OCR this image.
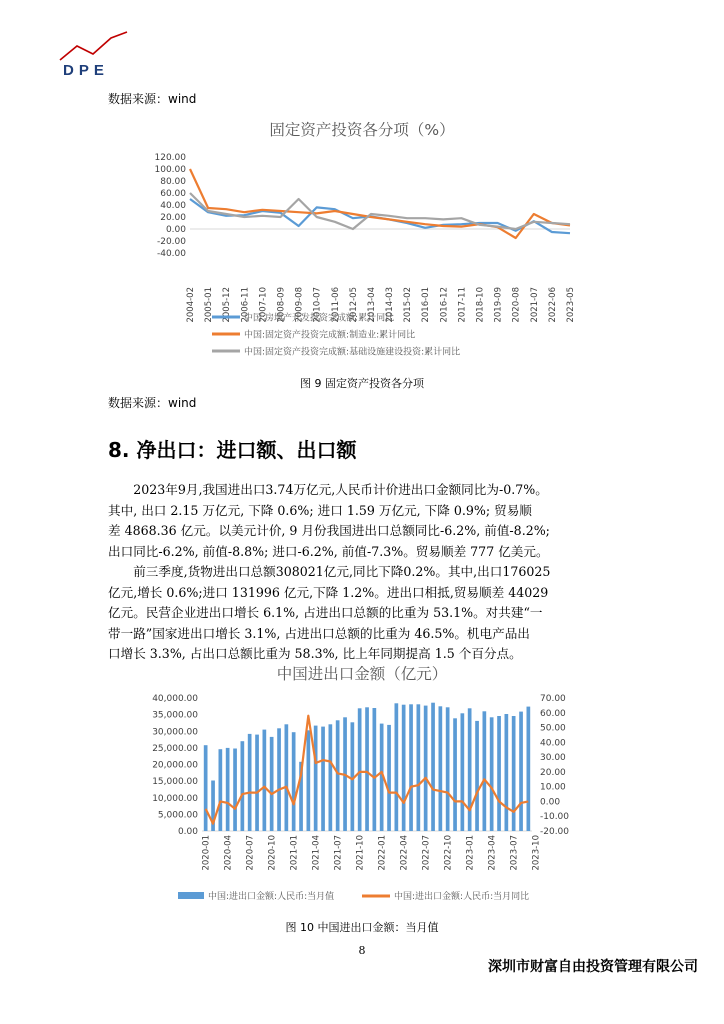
DPE
数据来源：wind
固定资产投资各分项（%）
120.00
100.00
80.00
60.00
40.00
20.00
0.00
-20.00
-40.00
2004-02 2005-01 2005-12 2006-11 2007-10 2008-09 2009-08 2010-07 2011-06 2012-05 2013-04 2014-03 2015-02 2016-01 2016-12 2017-11 2018-10 2019-09 2020-08 2021-07 2022-06 2023-05
中国:房地产开发投资完成额:累计同比
中国:固定资产投资完成额:制造业:累计同比
中国:固定资产投资完成额:基础设施建设投资:累计同比
图 9 固定资产投资各分项
数据来源：wind
8. 净出口：进口额、出口额
2023年9月,我国进出口3.74万亿元,人民币计价进出口金额同比为-0.7%。
其中, 出口 2.15 万亿元, 下降 0.6%; 进口 1.59 万亿元, 下降 0.9%; 贸易顺
差 4868.36 亿元。以美元计价, 9 月份我国进出口总额同比-6.2%, 前值-8.2%;
出口同比-6.2%, 前值-8.8%; 进口-6.2%, 前值-7.3%。贸易顺差 777 亿美元。
前三季度,货物进出口总额308021亿元,同比下降0.2%。其中,出口176025
亿元,增长 0.6%;进口 131996 亿元,下降 1.2%。进出口相抵,贸易顺差 44029
亿元。民营企业进出口增长 6.1%, 占进出口总额的比重为 53.1%。对共建“一
带一路”国家进出口增长 3.1%, 占进出口总额的比重为 46.5%。机电产品出
口增长 3.3%, 占出口总额比重为 58.3%, 比上年同期提高 1.5 个百分点。
中国进出口金额（亿元）
40,000.00
35,000.00
30,000.00
25,000.00
20,000.00
15,000.00
10,000.00
5,000.00
0.00
70.00
60.00
50.00
40.00
30.00
20.00
10.00
0.00
-10.00
-20.00
2020-01 2020-04 2020-07 2020-10 2021-01 2021-04 2021-07 2021-10 2022-01 2022-04 2022-07 2022-10 2023-01 2023-04 2023-07 2023-10
中国:进出口金额:人民币:当月值	中国:进出口金额:人民币:当月同比
图 10 中国进出口金额：当月值
8
深圳市财富自由投资管理有限公司
